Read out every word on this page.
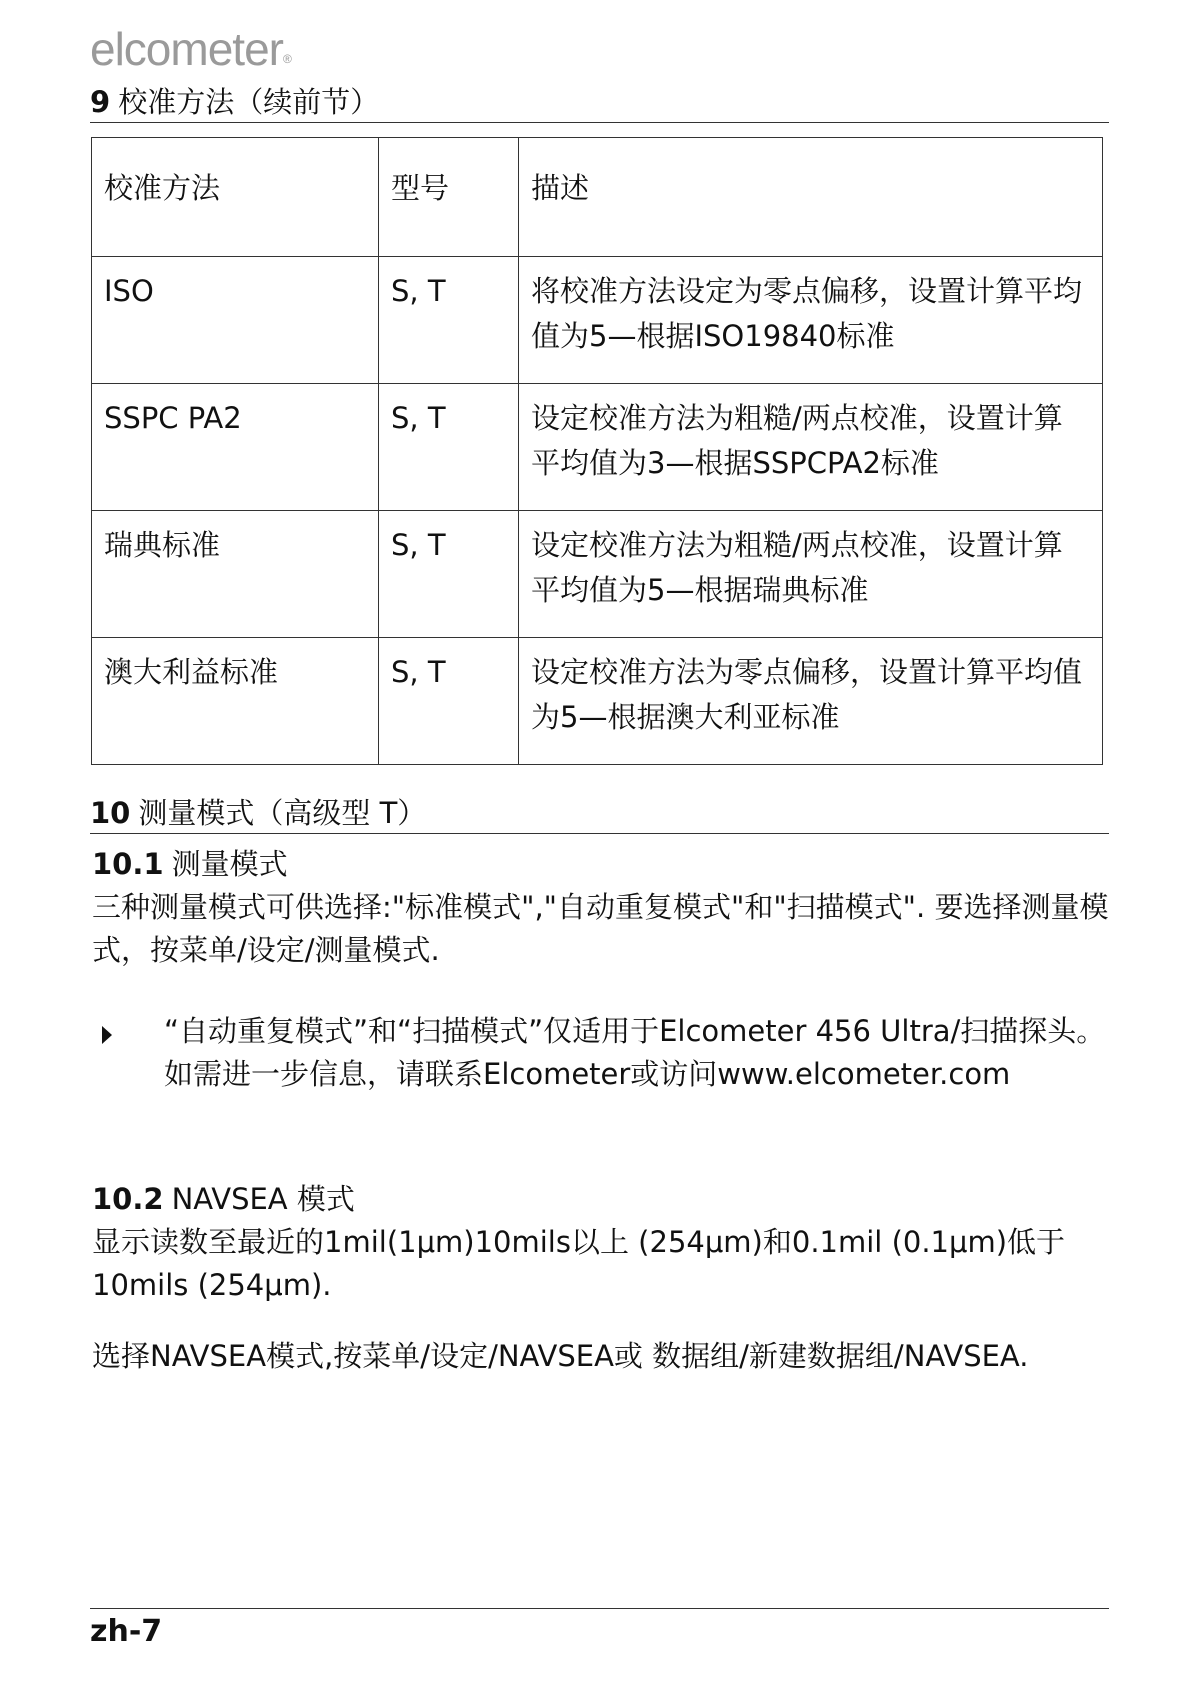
elcometer®
9 校准方法（续前节）
校准方法	型号	描述
ISO	S, T	将校准方法设定为零点偏移，设置计算平均值为5—根据ISO19840标准
SSPC PA2	S, T	设定校准方法为粗糙/两点校准，设置计算平均值为3—根据SSPCPA2标准
瑞典标准	S, T	设定校准方法为粗糙/两点校准，设置计算平均值为5—根据瑞典标准
澳大利益标准	S, T	设定校准方法为零点偏移，设置计算平均值为5—根据澳大利亚标准
10 测量模式（高级型 T）
10.1 测量模式
三种测量模式可供选择:"标准模式","自动重复模式"和"扫描模式". 要选择测量模式，按菜单/设定/测量模式.
“自动重复模式”和“扫描模式”仅适用于Elcometer 456 Ultra/扫描探头。如需进一步信息，请联系Elcometer或访问www.elcometer.com
10.2 NAVSEA 模式
显示读数至最近的1mil(1μm)10mils以上 (254μm)和0.1mil (0.1μm)低于10mils (254μm).
选择NAVSEA模式,按菜单/设定/NAVSEA或 数据组/新建数据组/NAVSEA.
zh-7
